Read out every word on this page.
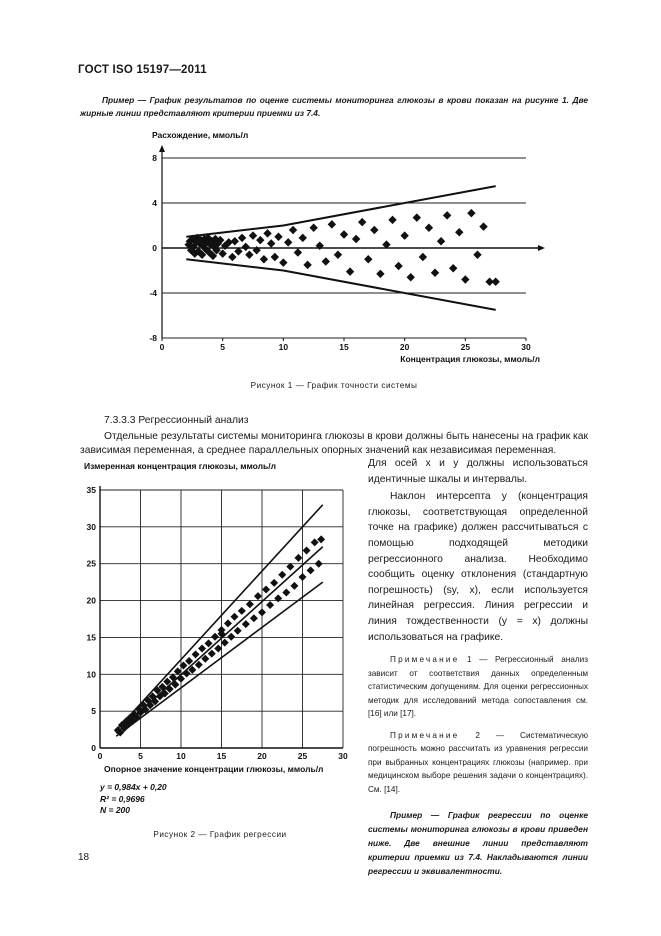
ГОСТ ISO 15197—2011
Пример — График результатов по оценке системы мониторинга глюкозы в крови показан на рисунке 1. Две жирные линии представляют критерии приемки из 7.4.
0	5	10	15	20	25	30
8
4
0
-4
-8
Расхождение, ммоль/л
Концентрация глюкозы, ммоль/л
Рисунок 1 — График точности системы
7.3.3.3 Регрессионный анализ
Отдельные результаты системы мониторинга глюкозы в крови должны быть нанесены на график как зависимая переменная, а среднее параллельных опорных значений как независимая переменная.
35
30
25
20
15
10
5
0
0	5	10	15	20	25	30
Измеренная концентрация глюкозы, ммоль/л
Опорное значение концентрации глюкозы, ммоль/л
y = 0,984x + 0,20
R² = 0,9696
N = 200
Рисунок 2 — График регрессии

Для осей x и y должны использоваться идентичные шкалы и интервалы.

Наклон интерсепта y (концентрация глюкозы, соответствующая определенной точке на графике) должен рассчитываться с помощью подходящей методики регрессионного анализа. Необходимо сообщить оценку отклонения (стандартную погрешность) (sy, x), если используется линейная регрессия. Линия регрессии и линия тождественности (y = x) должны использоваться на графике.

Примечание 1 — Регрессионный анализ зависит от соответствия данных определенным статистическим допущениям. Для оценки регрессионных методик для исследований метода сопоставления см. [16] или [17].

Примечание 2 — Систематическую погрешность можно рассчитать из уравнения регрессии при выбранных концентрациях глюкозы (например. при медицинском выборе решения задачи о концентрациях). См. [14].

Пример — График регрессии по оценке системы мониторинга глюкозы в крови приведен ниже. Две внешние линии представляют критерии приемки из 7.4. Накладываются линии регрессии и эквивалентности.

18
